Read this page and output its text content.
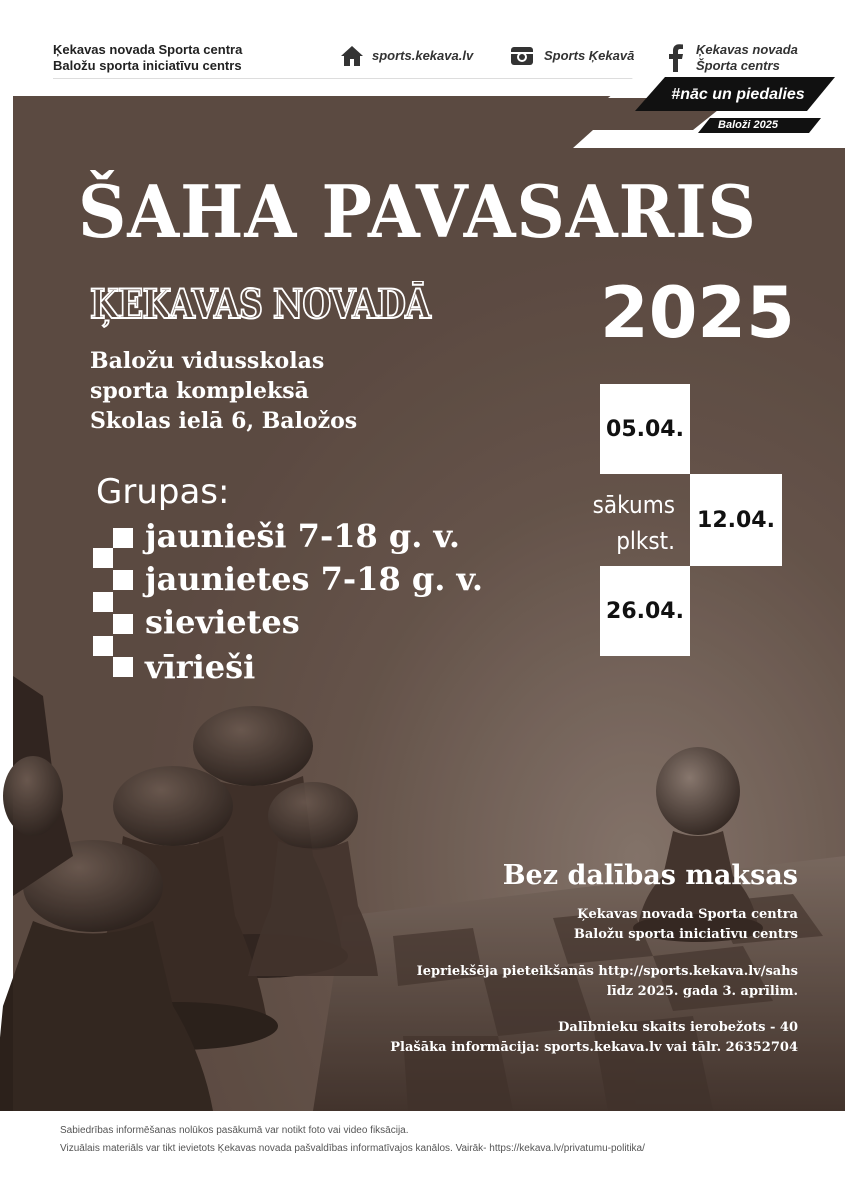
Ķekavas novada Sporta centra
Baložu sporta iniciatīvu centrs
sports.kekava.lv	Sports Ķekavā	Ķekavas novada
Športa centrs
#nāc un piedalies
Baloži 2025
ŠAHA PAVASARIS
ĶEKAVAS NOVADĀ 2025
Baložu vidusskolas
sporta kompleksā
Skolas ielā 6, Baložos
Grupas:
jaunieši 7-18 g. v.
jaunietes 7-18 g. v.
sievietes
vīrieši
05.04.
12.04.
26.04.
sākums
plkst. 17.00
Bez dalības maksas
Ķekavas novada Sporta centra
Baložu sporta iniciatīvu centrs
Iepriekšēja pieteikšanās http://sports.kekava.lv/sahs
līdz 2025. gada 3. aprīlim.
Dalībnieku skaits ierobežots - 40
Plašāka informācija: sports.kekava.lv vai tālr. 26352704
Sabiedrības informēšanas nolūkos pasākumā var notikt foto vai video fiksācija.
Vizuālais materiāls var tikt ievietots Ķekavas novada pašvaldības informatīvajos kanālos. Vairāk- https://kekava.lv/privatumu-politika/
